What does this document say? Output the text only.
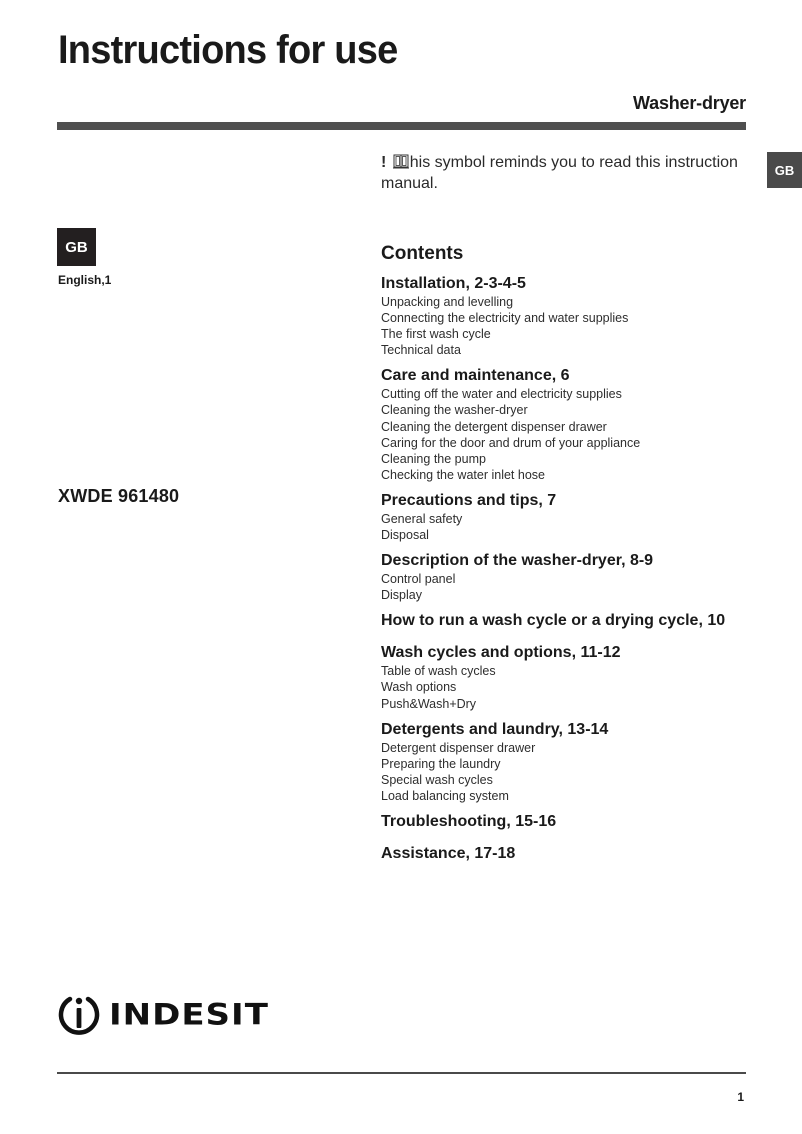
Instructions for use
Washer-dryer
GB
! his symbol reminds you to read this instruction
manual.
GB
English,1
XWDE 961480
Contents
Installation, 2-3-4-5
Unpacking and levelling
Connecting the electricity and water supplies
The first wash cycle
Technical data
Care and maintenance, 6
Cutting off the water and electricity supplies
Cleaning the washer-dryer
Cleaning the detergent dispenser drawer
Caring for the door and drum of your appliance
Cleaning the pump
Checking the water inlet hose
Precautions and tips, 7
General safety
Disposal
Description of the washer-dryer, 8-9
Control panel
Display
How to run a wash cycle or a drying cycle, 10
Wash cycles and options, 11-12
Table of wash cycles
Wash options
Push&Wash+Dry
Detergents and laundry, 13-14
Detergent dispenser drawer
Preparing the laundry
Special wash cycles
Load balancing system
Troubleshooting, 15-16
Assistance, 17-18
INDESIT
1
